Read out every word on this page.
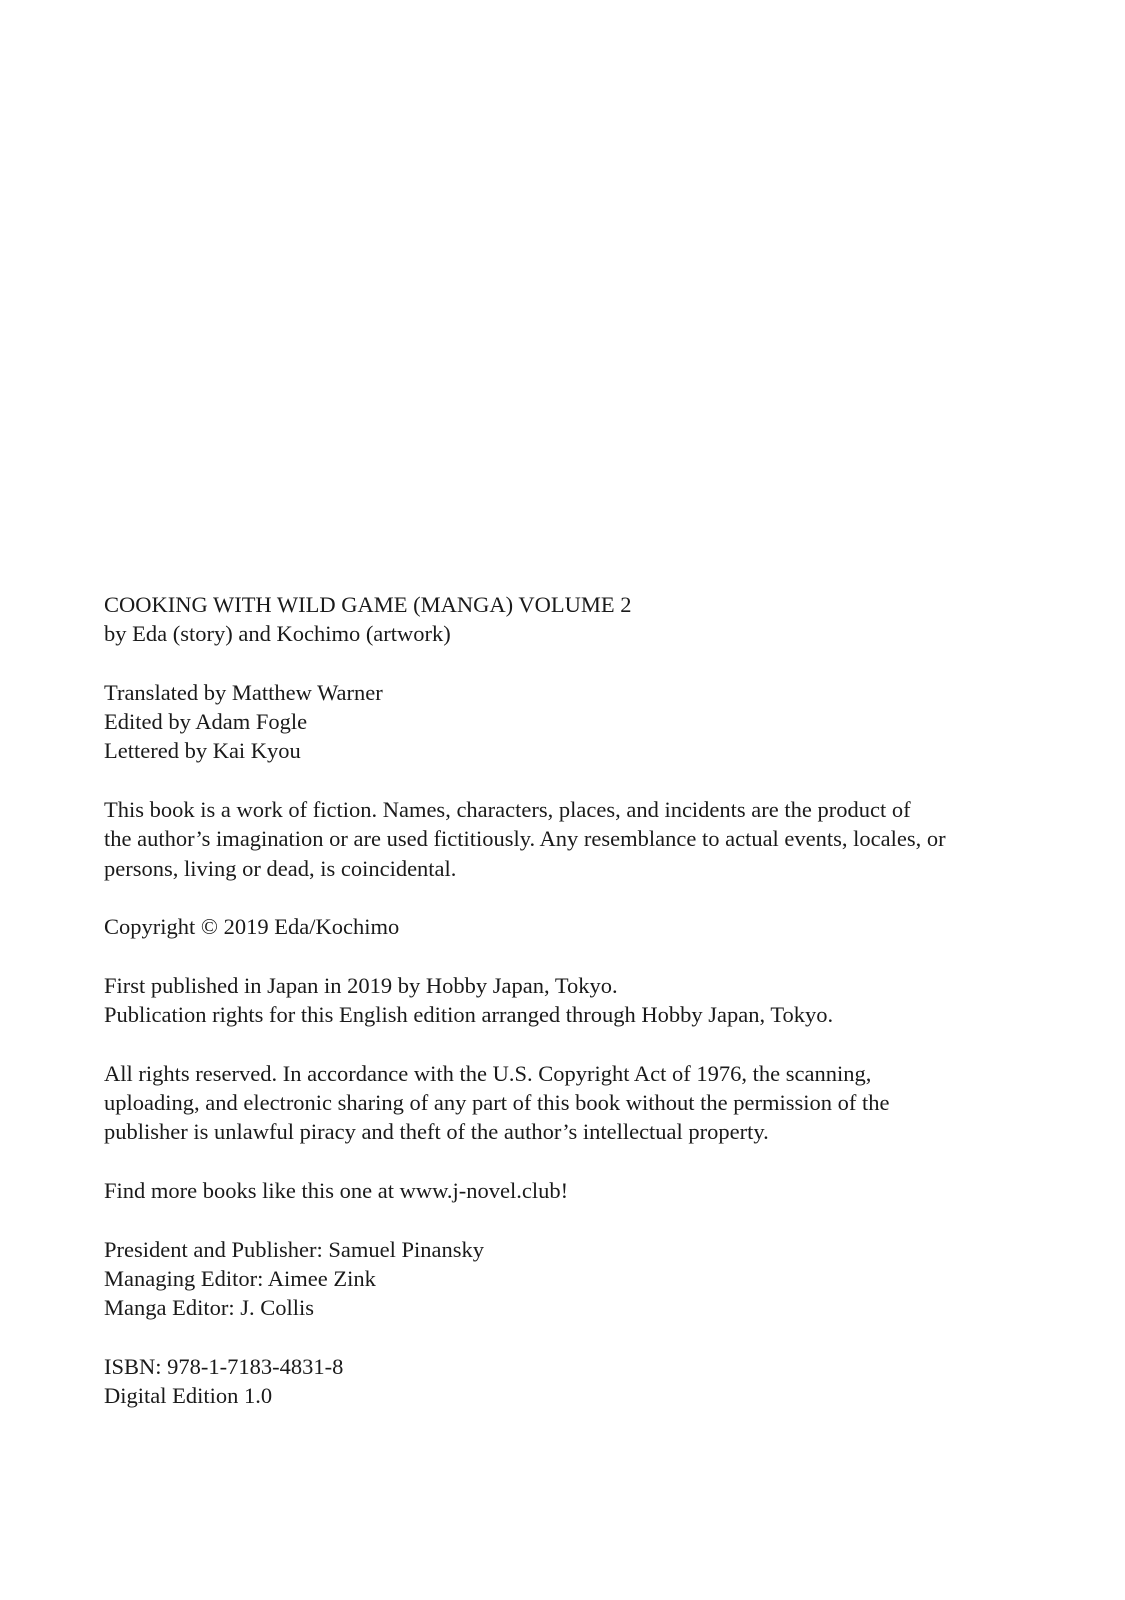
COOKING WITH WILD GAME (MANGA) VOLUME 2
by Eda (story) and Kochimo (artwork)
Translated by Matthew Warner
Edited by Adam Fogle
Lettered by Kai Kyou
This book is a work of fiction. Names, characters, places, and incidents are the product of
the author’s imagination or are used fictitiously. Any resemblance to actual events, locales, or
persons, living or dead, is coincidental.
Copyright © 2019 Eda/Kochimo
First published in Japan in 2019 by Hobby Japan, Tokyo.
Publication rights for this English edition arranged through Hobby Japan, Tokyo.
All rights reserved. In accordance with the U.S. Copyright Act of 1976, the scanning,
uploading, and electronic sharing of any part of this book without the permission of the
publisher is unlawful piracy and theft of the author’s intellectual property.
Find more books like this one at www.j-novel.club!
President and Publisher: Samuel Pinansky
Managing Editor: Aimee Zink
Manga Editor: J. Collis
ISBN: 978-1-7183-4831-8
Digital Edition 1.0
